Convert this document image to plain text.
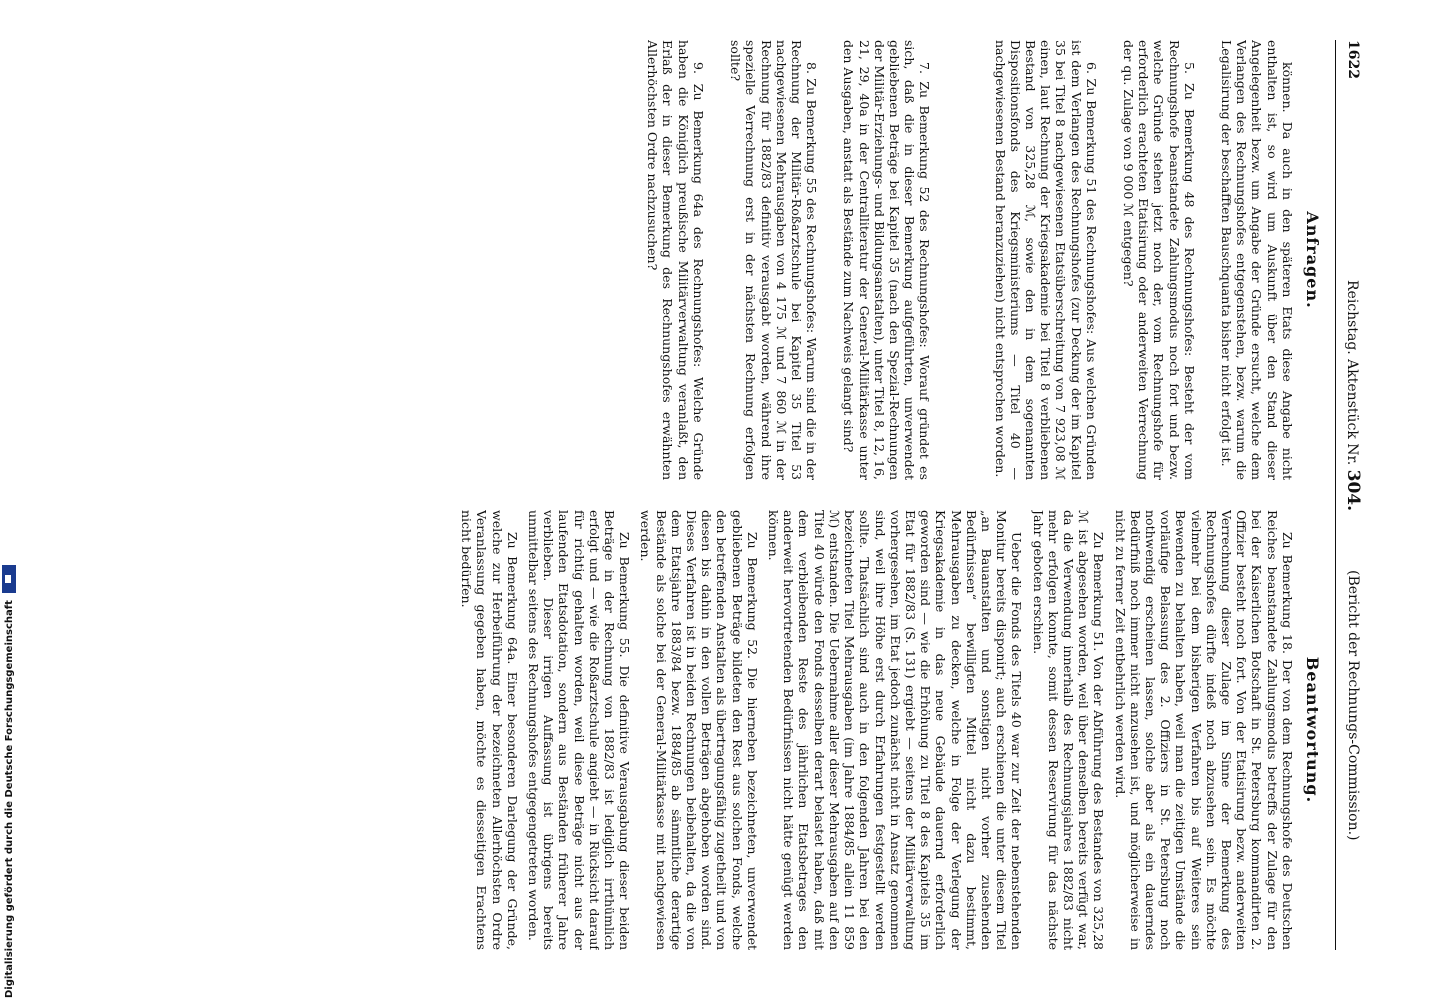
1622
Reichstag. Aktenstück Nr. 304.
(Bericht der Rechnungs-Commission.)
Anfragen.

können. Da auch in den späteren Etats diese Angabe nicht enthalten ist, so wird um Auskunft über den Stand dieser Angelegenheit bezw. um Angabe der Gründe ersucht, welche dem Verlangen des Rechnungshofes entgegenstehen, bezw. warum die Legalisirung der beschafften Bauschquanta bisher nicht erfolgt ist.

5. Zu Bemerkung 48 des Rechnungshofes: Besteht der vom Rechnungshofe beanstandete Zahlungsmodus noch fort und bezw. welche Gründe stehen jetzt noch der, vom Rechnungshofe für erforderlich erachteten Etatisirung oder anderweiten Verrechnung der qu. Zulage von 9 000 ℳ entgegen?

6. Zu Bemerkung 51 des Rechnungshofes: Aus welchen Gründen ist dem Verlangen des Rechnungshofes (zur Deckung der im Kapitel 35 bei Titel 8 nachgewiesenen Etatsüberschreitung von 7 923,08 ℳ einen, laut Rechnung der Kriegsakademie bei Titel 8 verbliebenen Bestand von 325,28 ℳ, sowie den in dem sogenannten Dispositionsfonds des Kriegsministeriums — Titel 40 — nachgewiesenen Bestand heranzuziehen) nicht entsprochen worden.

7. Zu Bemerkung 52 des Rechnungshofes: Worauf gründet es sich, daß die in dieser Bemerkung aufgeführten, unverwendet gebliebenen Beträge bei Kapitel 35 (nach den Spezial-Rechnungen der Militär-Erziehungs- und Bildungsanstalten), unter Titel 8, 12, 16, 21, 29, 40a in der Centralliteratur der General-Militärkasse unter den Ausgaben, anstatt als Bestände zum Nachweis gelangt sind?

8. Zu Bemerkung 55 des Rechnungshofes: Warum sind die in der Rechnung der Militär-Roßarztschule bei Kapitel 35 Titel 53 nachgewiesenen Mehrausgaben von 4 175 ℳ und 7 860 ℳ in der Rechnung für 1882/83 definitiv verausgabt worden, während ihre spezielle Verrechnung erst in der nächsten Rechnung erfolgen sollte?

9. Zu Bemerkung 64a des Rechnungshofes: Welche Gründe haben die Königlich preußische Militärverwaltung veranlaßt, den Erlaß der in dieser Bemerkung des Rechnungshofes erwähnten Allerhöchsten Ordre nachzusuchen?

Beantwortung.

Zu Bemerkung 18. Der von dem Rechnungshofe des Deutschen Reiches beanstandete Zahlungsmodus betreffs der Zulage für den bei der Kaiserlichen Botschaft in St. Petersburg kommandirten 2. Offizier besteht noch fort. Von der Etatisirung bezw. anderweiten Verrechnung dieser Zulage im Sinne der Bemerkung des Rechnungshofes dürfte indeß noch abzusehen sein. Es möchte vielmehr bei dem bisherigen Verfahren bis auf Weiteres sein Bewenden zu behalten haben, weil man die zeitigen Umstände die vorläufige Belassung des 2. Offiziers in St. Petersburg noch nothwendig erscheinen lassen, solche aber als ein dauerndes Bedürfniß noch immer nicht anzusehen ist, und möglicherweise in nicht zu ferner Zeit entbehrlich werden wird.

Zu Bemerkung 51. Von der Abführung des Bestandes von 325,28 ℳ ist abgesehen worden, weil über denselben bereits verfügt war, da die Verwendung innerhalb des Rechnungsjahres 1882/83 nicht mehr erfolgen konnte, somit dessen Reservirung für das nächste Jahr geboten erschien.

Ueber die Fonds des Titels 40 war zur Zeit der nebenstehenden Monitur bereits disponirt; auch erschienen die unter diesem Titel „an Bauanstalten und sonstigen nicht vorher zusehenden Bedürfnissen“ bewilligten Mittel nicht dazu bestimmt, Mehrausgaben zu decken, welche in Folge der Verlegung der Kriegsakademie in das neue Gebäude dauernd erforderlich geworden sind — wie die Erhöhung zu Titel 8 des Kapitels 35 im Etat für 1882/83 (S. 131) ergiebt — seitens der Militärverwaltung vorhergesehen, im Etat jedoch zunächst nicht in Ansatz genommen sind, weil ihre Höhe erst durch Erfahrungen festgestellt werden sollte. Thatsächlich sind auch in den folgenden Jahren bei den bezeichneten Titel Mehrausgaben (im Jahre 1884/85 allein 11 859 ℳ) entstanden. Die Uebernahme aller dieser Mehrausgaben auf den Titel 40 würde den Fonds desselben derart belastet haben, daß mit dem verbleibenden Reste des jährlichen Etatsbetrages den anderweit hervortretenden Bedürfnissen nicht hätte genügt werden können.

Zu Bemerkung 52. Die hierneben bezeichneten, unverwendet gebliebenen Beträge bildeten den Rest aus solchen Fonds, welche den betreffenden Anstalten als übertragungsfähig zugetheilt und von diesen bis dahin in den vollen Beträgen abgehoben worden sind. Dieses Verfahren ist in beiden Rechnungen beibehalten, da die von dem Etatsjahre 1883/84 bezw. 1884/85 ab sämmtliche derartige Bestände als solche bei der General-Militärkasse mit nachgewiesen werden.

Zu Bemerkung 55. Die definitive Verausgabung dieser beiden Beträge in der Rechnung von 1882/83 ist lediglich irrthümlich erfolgt und — wie die Roßarztschule angiebt — in Rücksicht darauf für richtig gehalten worden, weil diese Beträge nicht aus der laufenden Etatsdotation, sondern aus Beständen früherer Jahre verblieben. Dieser irrigen Auffassung ist übrigens bereits unmittelbar seitens des Rechnungshofes entgegengetreten worden.

Zu Bemerkung 64a. Einer besonderen Darlegung der Gründe, welche zur Herbeiführung der bezeichneten Allerhöchsten Ordre Veranlassung gegeben haben, möchte es diesseitigen Erachtens nicht bedürfen.

Digitalisierung gefördert durch die Deutsche Forschungsgemeinschaft
